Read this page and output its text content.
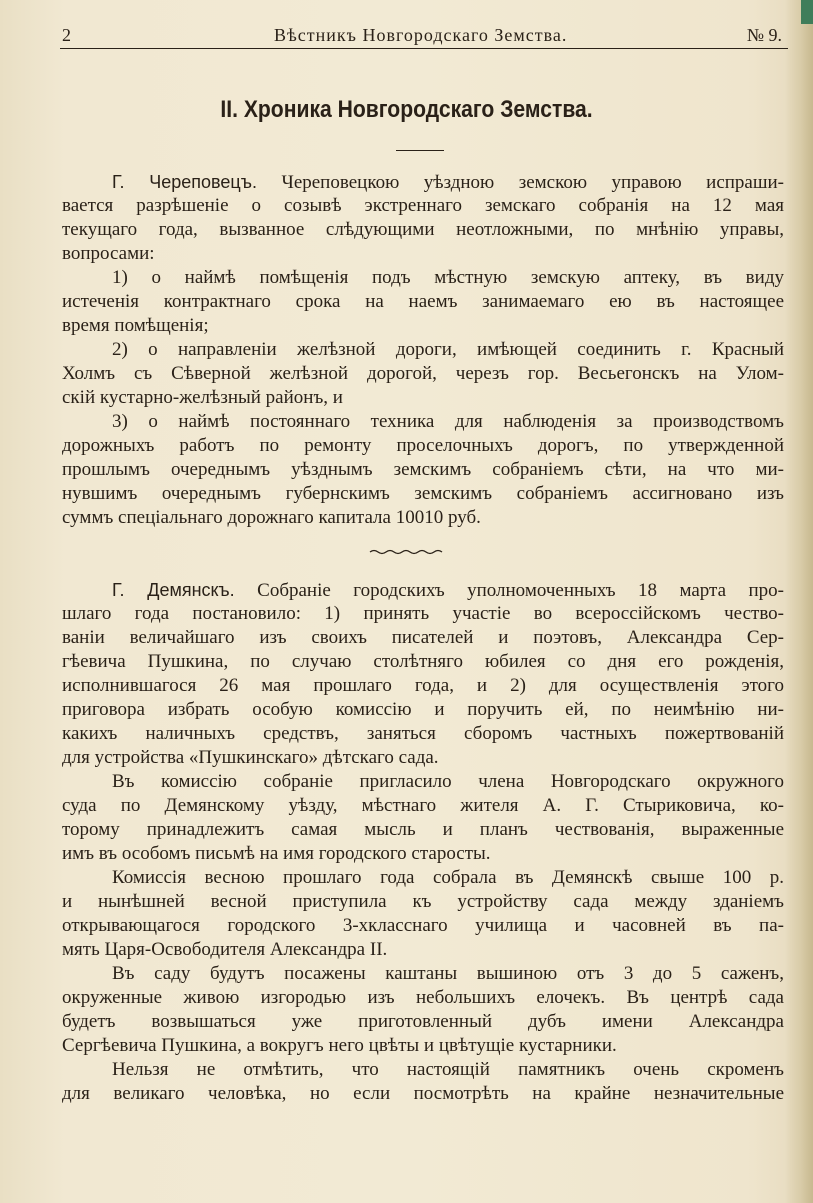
2	Вѣстникъ Новгородскаго Земства.	№ 9.
II. Хроника Новгородскаго Земства.
Г. Череповецъ. Череповецкою уѣздною земскою управою испраши-
вается разрѣшеніе о созывѣ экстреннаго земскаго собранія на 12 мая
текущаго года, вызванное слѣдующими неотложными, по мнѣнію управы,
вопросами:
1) о наймѣ помѣщенія подъ мѣстную земскую аптеку, въ виду
истеченія контрактнаго срока на наемъ занимаемаго ею въ настоящее
время помѣщенія;
2) о направленіи желѣзной дороги, имѣющей соединить г. Красный
Холмъ съ Сѣверной желѣзной дорогой, черезъ гор. Весьегонскъ на Улом-
скій кустарно-желѣзный районъ, и
3) о наймѣ постояннаго техника для наблюденія за производствомъ
дорожныхъ работъ по ремонту проселочныхъ дорогъ, по утвержденной
прошлымъ очереднымъ уѣзднымъ земскимъ собраніемъ сѣти, на что ми-
нувшимъ очереднымъ губернскимъ земскимъ собраніемъ ассигновано изъ
суммъ спеціальнаго дорожнаго капитала 10010 руб.
Г. Демянскъ. Собраніе городскихъ уполномоченныхъ 18 марта про-
шлаго года постановило: 1) принять участіе во всероссійскомъ чество-
ваніи величайшаго изъ своихъ писателей и поэтовъ, Александра Сер-
гѣевича Пушкина, по случаю столѣтняго юбилея со дня его рожденія,
исполнившагося 26 мая прошлаго года, и 2) для осуществленія этого
приговора избрать особую комиссію и поручить ей, по неимѣнію ни-
какихъ наличныхъ средствъ, заняться сборомъ частныхъ пожертвованій
для устройства «Пушкинскаго» дѣтскаго сада.
Въ комиссію собраніе пригласило члена Новгородскаго окружного
суда по Демянскому уѣзду, мѣстнаго жителя А. Г. Стыриковича, ко-
торому принадлежитъ самая мысль и планъ чествованія, выраженные
имъ въ особомъ письмѣ на имя городского старосты.
Комиссія весною прошлаго года собрала въ Демянскѣ свыше 100 р.
и нынѣшней весной приступила къ устройству сада между зданіемъ
открывающагося городского 3-хкласснаго училища и часовней въ па-
мять Царя-Освободителя Александра II.
Въ саду будутъ посажены каштаны вышиною отъ 3 до 5 саженъ,
окруженные живою изгородью изъ небольшихъ елочекъ. Въ центрѣ сада
будетъ возвышаться уже приготовленный дубъ имени Александра
Сергѣевича Пушкина, а вокругъ него цвѣты и цвѣтущіе кустарники.
Нельзя не отмѣтить, что настоящій памятникъ очень скроменъ
для великаго человѣка, но если посмотрѣть на крайне незначительные
